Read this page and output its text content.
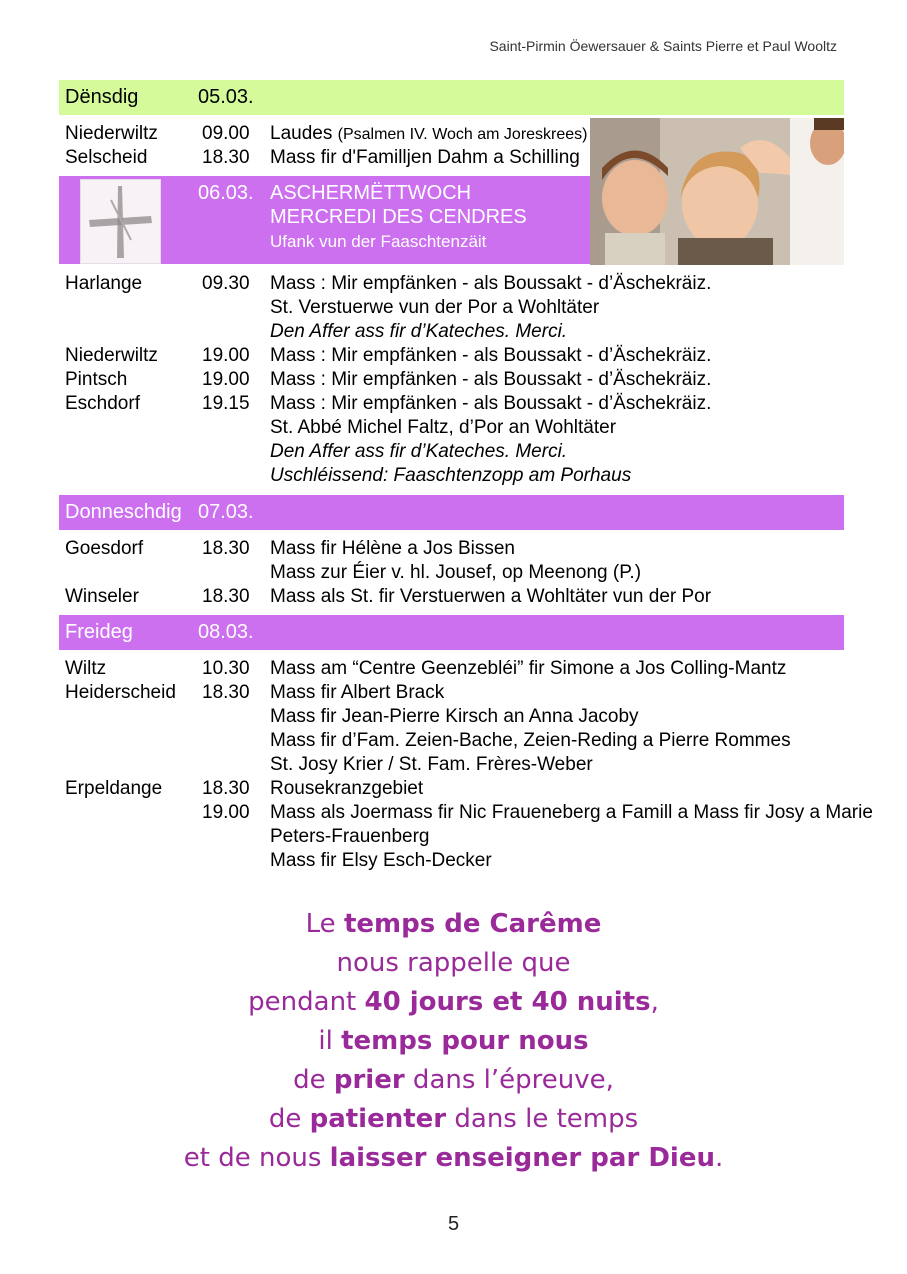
Saint-Pirmin Öewersauer & Saints Pierre et Paul Wooltz
Dënsdig	05.03.
Niederwiltz 09.00 Laudes (Psalmen IV. Woch am Joreskrees)
Selscheid	18.30 Mass fir d'Familljen Dahm a Schilling
06.03. ASCHERMËTTWOCH
MERCREDI DES CENDRES
Ufank vun der Faaschtenzäit
Harlange	09.30 Mass : Mir empfänken - als Boussakt - d’Äschekräiz.
St. Verstuerwe vun der Por a Wohltäter
Den Affer ass fir d’Kateches. Merci.
Niederwiltz 19.00 Mass : Mir empfänken - als Boussakt - d’Äschekräiz.
Pintsch	19.00 Mass : Mir empfänken - als Boussakt - d’Äschekräiz.
Eschdorf	19.15 Mass : Mir empfänken - als Boussakt - d’Äschekräiz.
St. Abbé Michel Faltz, d’Por an Wohltäter
Den Affer ass fir d’Kateches. Merci.
Uschléissend: Faaschtenzopp am Porhaus
Donneschdig 07.03.
Goesdorf	18.30 Mass fir Hélène a Jos Bissen
Mass zur Éier v. hl. Jousef, op Meenong (P.)
Winseler	18.30 Mass als St. fir Verstuerwen a Wohltäter vun der Por
Freideg	08.03.
Wiltz	10.30 Mass am “Centre Geenzebléi” fir Simone a Jos Colling-Mantz
Heiderscheid 18.30 Mass fir Albert Brack
Mass fir Jean-Pierre Kirsch an Anna Jacoby
Mass fir d’Fam. Zeien-Bache, Zeien-Reding a Pierre Rommes
St. Josy Krier / St. Fam. Frères-Weber
Erpeldange 18.30 Rousekranzgebiet
19.00 Mass als Joermass fir Nic Fraueneberg a Famill a Mass fir Josy a Marie
Peters-Frauenberg
Mass fir Elsy Esch-Decker
Le temps de Carême
nous rappelle que
pendant 40 jours et 40 nuits,
il temps pour nous
de prier dans l’épreuve,
de patienter dans le temps
et de nous laisser enseigner par Dieu.
5
